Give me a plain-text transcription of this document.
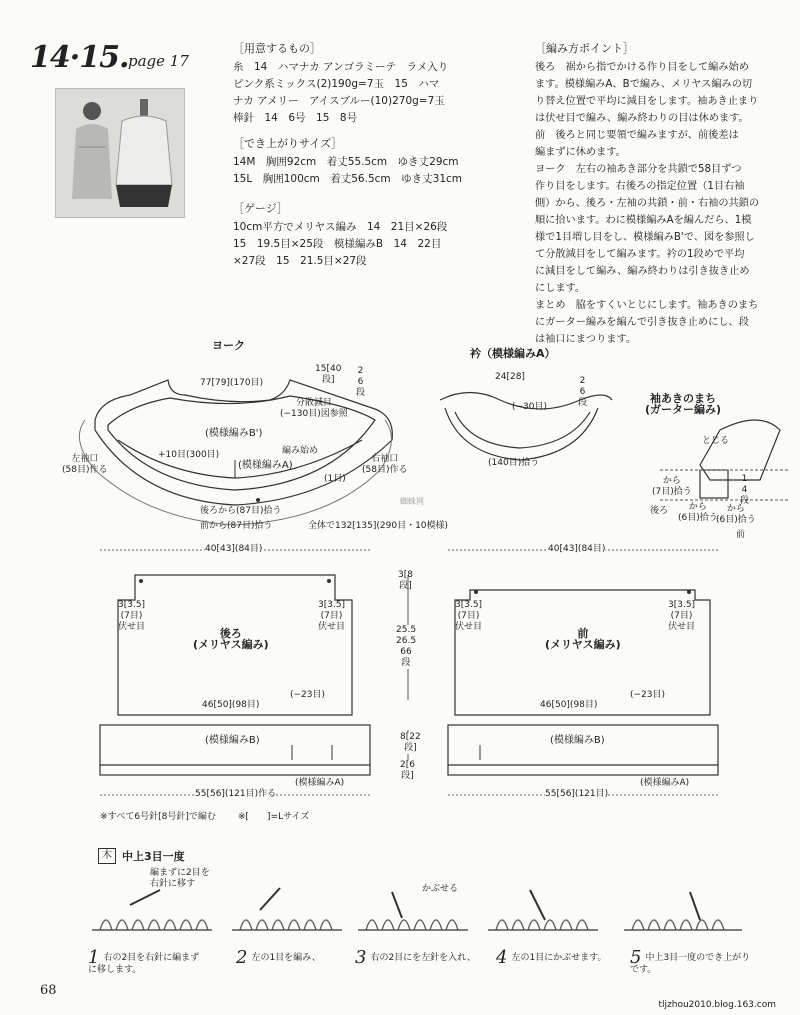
14·15. page 17
［用意するもの］

糸　14　ハマナカ アンゴラミーテ　ラメ入り

ピンク系ミックス(2)190g=7玉　15　ハマ

ナカ アメリー　アイスブルー(10)270g=7玉

棒針　14　6号　15　8号

［でき上がりサイズ］

14M　胸囲92cm　着丈55.5cm　ゆき丈29cm

15L　胸囲100cm　着丈56.5cm　ゆき丈31cm

［ゲージ］

10cm平方でメリヤス編み　14　21目×26段

15　19.5目×25段　模様編みB　14　22目

×27段　15　21.5目×27段

［編み方ポイント］

後ろ　裾から指でかける作り目をして編み始め

ます。模様編みA、Bで編み、メリヤス編みの切

り替え位置で平均に減目をします。袖あき止まり

は伏せ目で編み、編み終わりの目は休めます。

前　後ろと同じ要領で編みますが、前後差は

編まずに休めます。

ヨーク　左右の袖あき部分を共鎖で58目ずつ

作り目をします。右後ろの指定位置（1目右袖

側）から、後ろ・左袖の共鎖・前・右袖の共鎖の

順に拾います。わに模様編みAを編んだら、1模

様で1目増し目をし、模様編みB'で、図を参照し

て分散減目をして編みます。衿の1段めで平均

に減目をして編み、編み終わりは引き抜き止め

にします。

まとめ　脇をすくいとじにします。袖あきのまち

にガーター編みを編んで引き抜き止めにし、段

は袖口にまつります。

ヨーク
77[79](170目)
15[40
段]
2
6
段
分散減目
(−130目)図参照
(模様編みB')
+10目(300目)	編み始め
(模様編みA)
(1目)
左袖口
(58目)作る
右袖口
(58目)作る
後ろから(87目)拾う
前から(87目)拾う	全体で132[135](290目・10模様)
蜘蛛网
衿（模様編みA）
24[28]	2
6
段
(−30目)
(140目)拾う
袖あきのまち
(ガーター編み)
とじる
から
(7目)拾う
1
4
段
後ろ	から
(6目)拾う
から
(6目)拾う
前
40[43](84目)
3[3.5]
(7目)
伏せ目
3[3.5]
(7目)
伏せ目
後ろ
(メリヤス編み)
46[50](98目)
(−23目)
(模様編みB)
(模様編みA)
55[56](121目)作る
40[43](84目)
3[3.5]
(7目)
伏せ目
3[3.5]
(7目)
伏せ目
前
(メリヤス編み)
46[50](98目)
(−23目)
(模様編みB)
(模様編みA)
55[56](121目)
3[8
段]
25.5
26.5
66
段
8[22
段]
2[6
段]
※すべて6号針[8号針]で編む ※[　　]=Lサイズ
木 中上3目一度
編まずに2目を
右針に移す	かぶせる
1 右の2目を右針に編まず
に移します。
2 左の1目を編み、 3 右の2目にを左針を入れ、 4 左の1目にかぶせます。 5 中上3目一度のでき上がり
です。
68
tljzhou2010.blog.163.com
